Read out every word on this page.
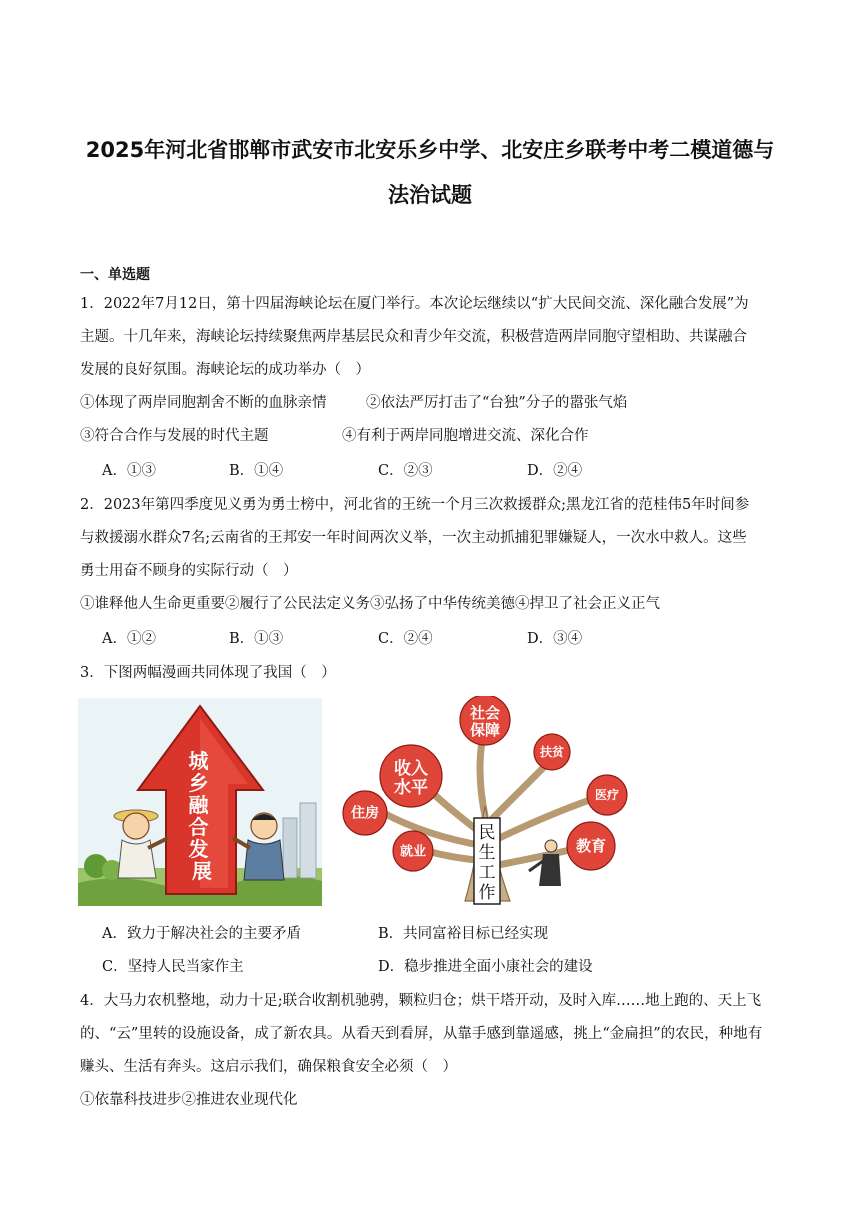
2025年河北省邯郸市武安市北安乐乡中学、北安庄乡联考中考二模道德与
法治试题
一、单选题
1．2022年7月12日，第十四届海峡论坛在厦门举行。本次论坛继续以“扩大民间交流、深化融合发展”为
主题。十几年来，海峡论坛持续聚焦两岸基层民众和青少年交流，积极营造两岸同胞守望相助、共谋融合
发展的良好氛围。海峡论坛的成功举办（　）
①体现了两岸同胞割舍不断的血脉亲情	②依法严厉打击了“台独”分子的嚣张气焰
③符合合作与发展的时代主题	④有利于两岸同胞增进交流、深化合作
A．①③	B．①④	C．②③	D．②④
2．2023年第四季度见义勇为勇士榜中，河北省的王统一个月三次救援群众;黑龙江省的范桂伟5年时间参
与救援溺水群众7名;云南省的王邦安一年时间两次义举，一次主动抓捕犯罪嫌疑人，一次水中救人。这些
勇士用奋不顾身的实际行动（　）
①谁释他人生命更重要②履行了公民法定义务③弘扬了中华传统美德④捍卫了社会正义正气
A．①②	B．①③	C．②④	D．③④
3．下图两幅漫画共同体现了我国（　）
城 乡 融 合 发 展
社会保障
收入水平
扶贫
医疗
住房
就业	教育
民生工作
A．致力于解决社会的主要矛盾	B．共同富裕目标已经实现
C．坚持人民当家作主	D．稳步推进全面小康社会的建设
4．大马力农机整地，动力十足;联合收割机驰骋，颗粒归仓；烘干塔开动，及时入库……地上跑的、天上飞
的、“云”里转的设施设备，成了新农具。从看天到看屏，从靠手感到靠遥感，挑上“金扁担”的农民，种地有
赚头、生活有奔头。这启示我们，确保粮食安全必须（　）
①依靠科技进步②推进农业现代化
